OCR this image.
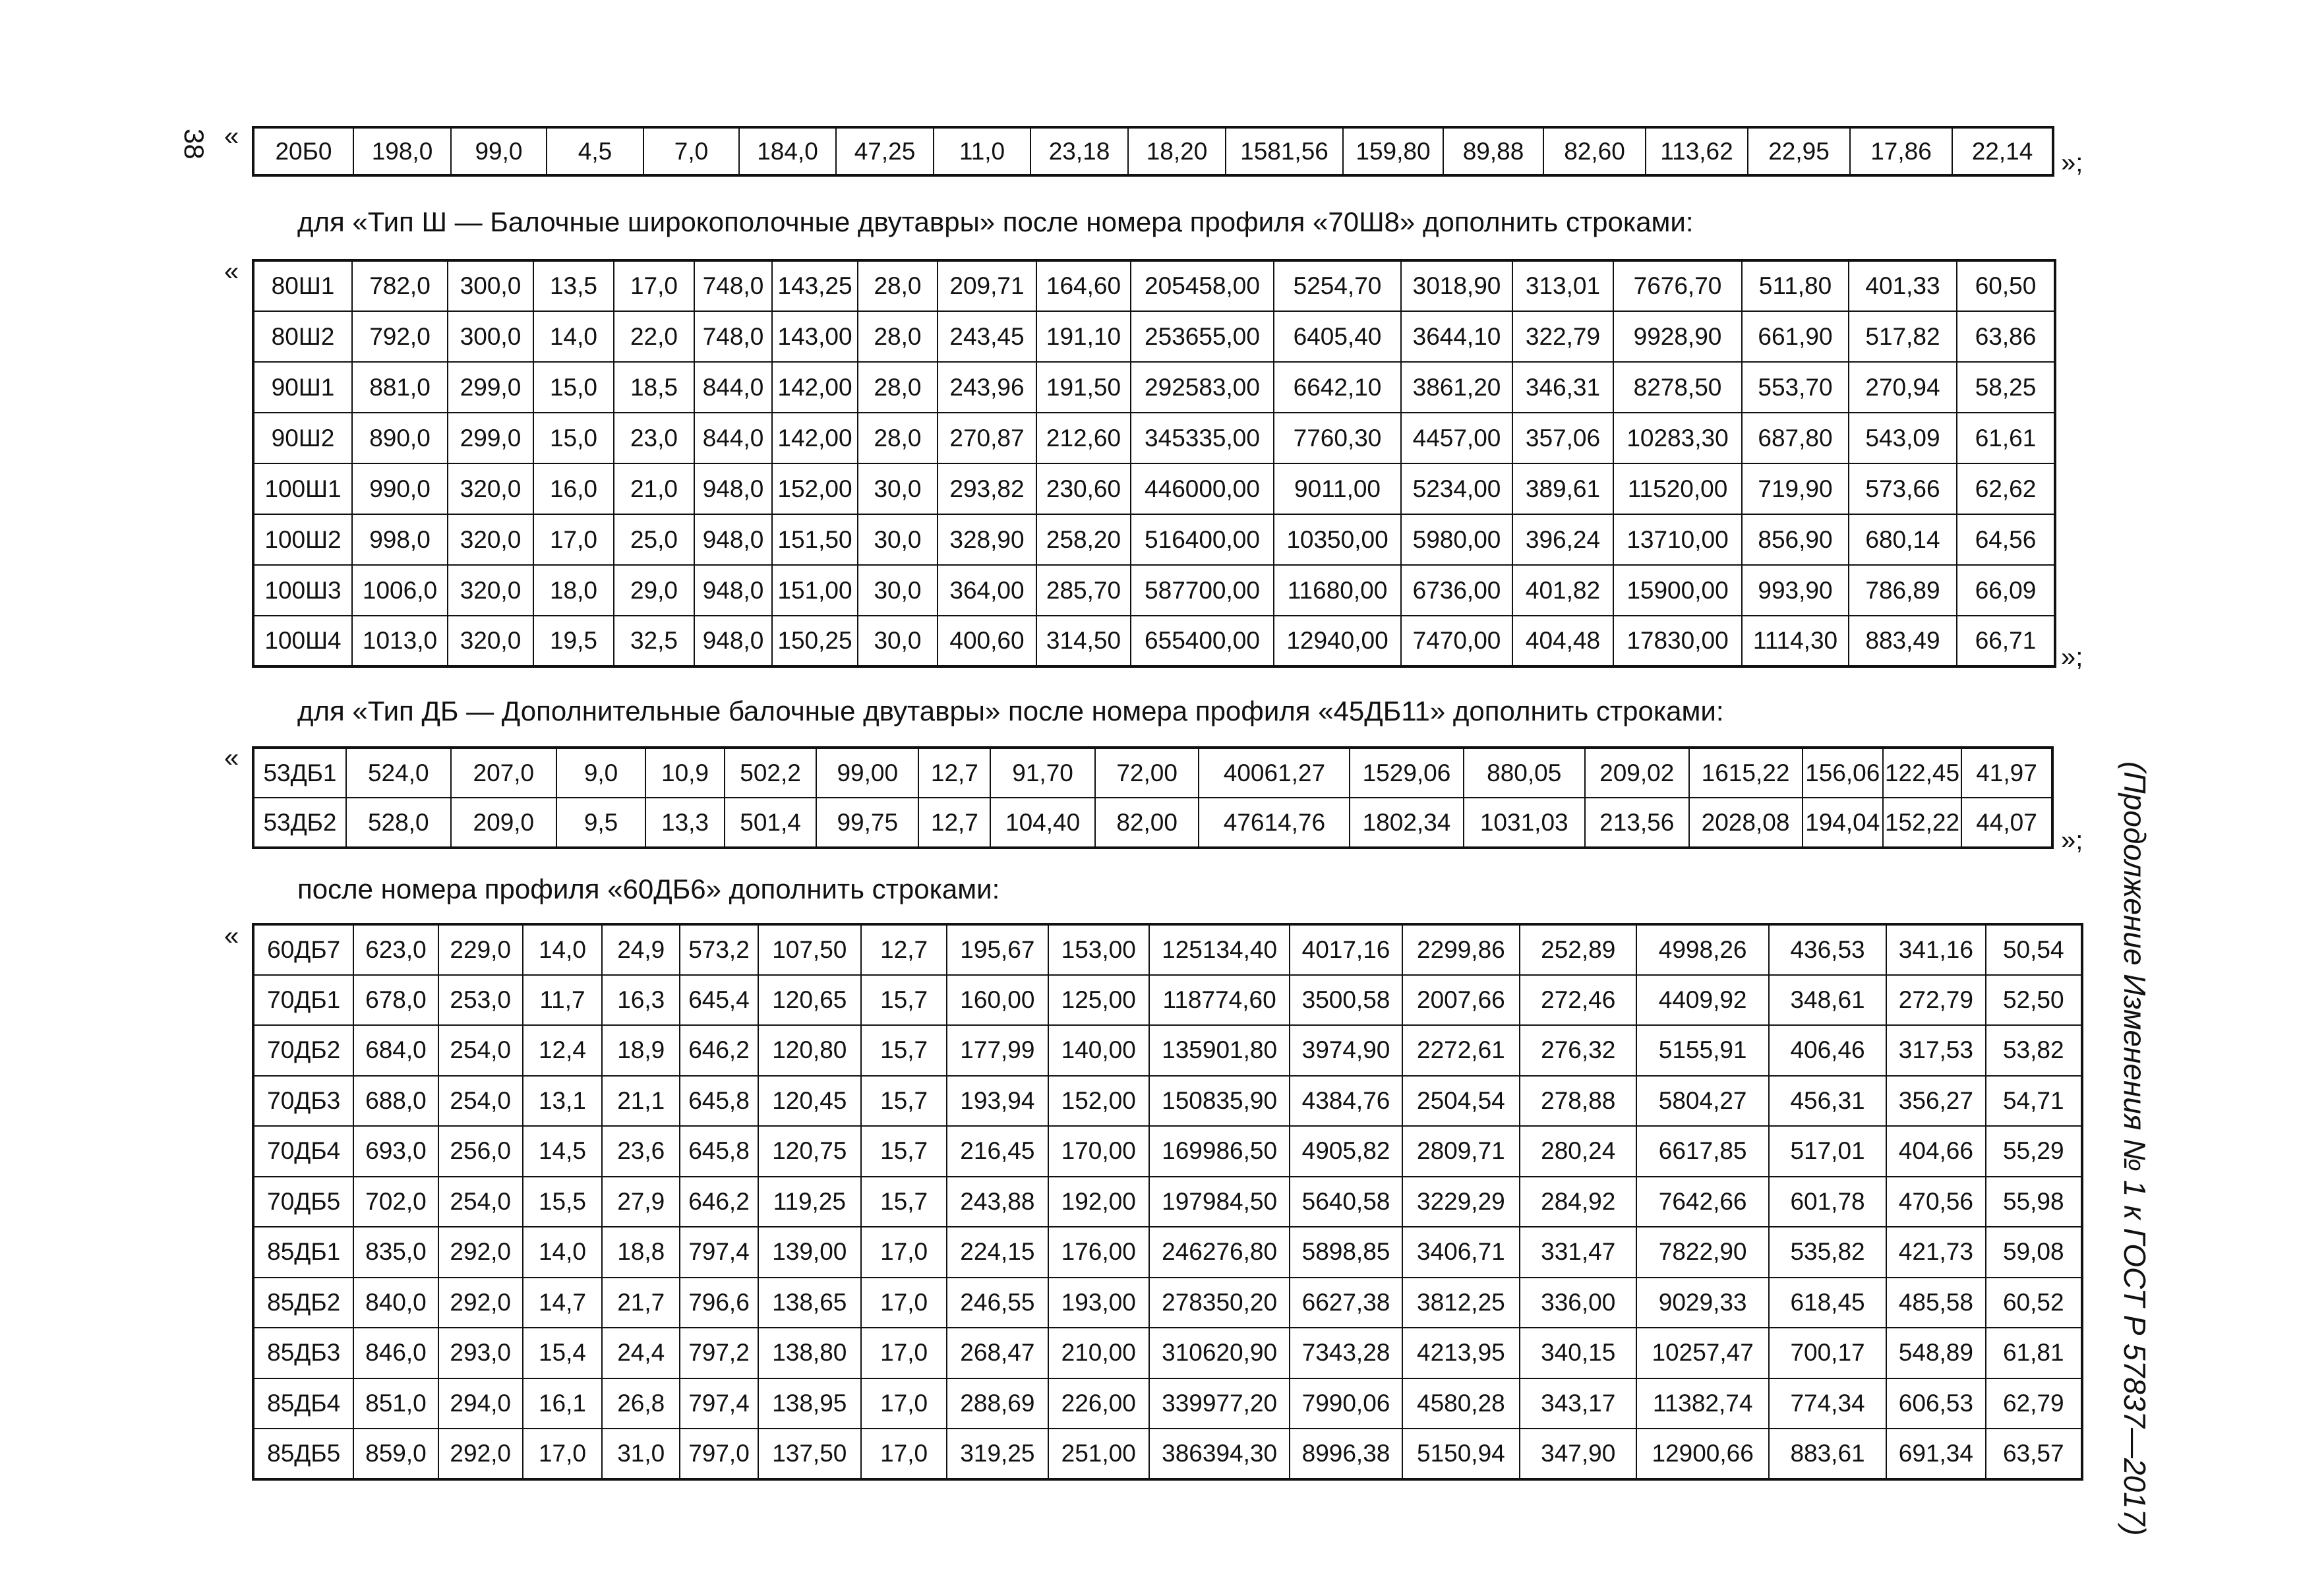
38
(Продолжение Изменения № 1 к ГОСТ Р 57837—2017)
« 20Б0	198,0	99,0	4,5	7,0	184,0	47,25	11,0	23,18	18,20	1581,56	159,80	89,88	82,60	113,62	22,95	17,86	22,14 »;
для «Тип Ш — Балочные широкополочные двутавры» после номера профиля «70Ш8» дополнить строками:
« 80Ш1	782,0	300,0	13,5	17,0	748,0	143,25	28,0	209,71	164,60	205458,00	5254,70	3018,90	313,01	7676,70	511,80	401,33	60,50
80Ш2	792,0	300,0	14,0	22,0	748,0	143,00	28,0	243,45	191,10	253655,00	6405,40	3644,10	322,79	9928,90	661,90	517,82	63,86
90Ш1	881,0	299,0	15,0	18,5	844,0	142,00	28,0	243,96	191,50	292583,00	6642,10	3861,20	346,31	8278,50	553,70	270,94	58,25
90Ш2	890,0	299,0	15,0	23,0	844,0	142,00	28,0	270,87	212,60	345335,00	7760,30	4457,00	357,06	10283,30	687,80	543,09	61,61
100Ш1	990,0	320,0	16,0	21,0	948,0	152,00	30,0	293,82	230,60	446000,00	9011,00	5234,00	389,61	11520,00	719,90	573,66	62,62
100Ш2	998,0	320,0	17,0	25,0	948,0	151,50	30,0	328,90	258,20	516400,00	10350,00	5980,00	396,24	13710,00	856,90	680,14	64,56
100Ш3	1006,0	320,0	18,0	29,0	948,0	151,00	30,0	364,00	285,70	587700,00	11680,00	6736,00	401,82	15900,00	993,90	786,89	66,09
100Ш4	1013,0	320,0	19,5	32,5	948,0	150,25	30,0	400,60	314,50	655400,00	12940,00	7470,00	404,48	17830,00	1114,30	883,49	66,71
»;
для «Тип ДБ — Дополнительные балочные двутавры» после номера профиля «45ДБ11» дополнить строками:
« 53ДБ1	524,0	207,0	9,0	10,9	502,2	99,00	12,7	91,70	72,00	40061,27	1529,06	880,05	209,02	1615,22	156,06	122,45	41,97
53ДБ2	528,0	209,0	9,5	13,3	501,4	99,75	12,7	104,40	82,00	47614,76	1802,34	1031,03	213,56	2028,08	194,04	152,22	44,07
»;
после номера профиля «60ДБ6» дополнить строками:
« 60ДБ7	623,0	229,0	14,0	24,9	573,2	107,50	12,7	195,67	153,00	125134,40	4017,16	2299,86	252,89	4998,26	436,53	341,16	50,54
70ДБ1	678,0	253,0	11,7	16,3	645,4	120,65	15,7	160,00	125,00	118774,60	3500,58	2007,66	272,46	4409,92	348,61	272,79	52,50
70ДБ2	684,0	254,0	12,4	18,9	646,2	120,80	15,7	177,99	140,00	135901,80	3974,90	2272,61	276,32	5155,91	406,46	317,53	53,82
70ДБ3	688,0	254,0	13,1	21,1	645,8	120,45	15,7	193,94	152,00	150835,90	4384,76	2504,54	278,88	5804,27	456,31	356,27	54,71
70ДБ4	693,0	256,0	14,5	23,6	645,8	120,75	15,7	216,45	170,00	169986,50	4905,82	2809,71	280,24	6617,85	517,01	404,66	55,29
70ДБ5	702,0	254,0	15,5	27,9	646,2	119,25	15,7	243,88	192,00	197984,50	5640,58	3229,29	284,92	7642,66	601,78	470,56	55,98
85ДБ1	835,0	292,0	14,0	18,8	797,4	139,00	17,0	224,15	176,00	246276,80	5898,85	3406,71	331,47	7822,90	535,82	421,73	59,08
85ДБ2	840,0	292,0	14,7	21,7	796,6	138,65	17,0	246,55	193,00	278350,20	6627,38	3812,25	336,00	9029,33	618,45	485,58	60,52
85ДБ3	846,0	293,0	15,4	24,4	797,2	138,80	17,0	268,47	210,00	310620,90	7343,28	4213,95	340,15	10257,47	700,17	548,89	61,81
85ДБ4	851,0	294,0	16,1	26,8	797,4	138,95	17,0	288,69	226,00	339977,20	7990,06	4580,28	343,17	11382,74	774,34	606,53	62,79
85ДБ5	859,0	292,0	17,0	31,0	797,0	137,50	17,0	319,25	251,00	386394,30	8996,38	5150,94	347,90	12900,66	883,61	691,34	63,57
